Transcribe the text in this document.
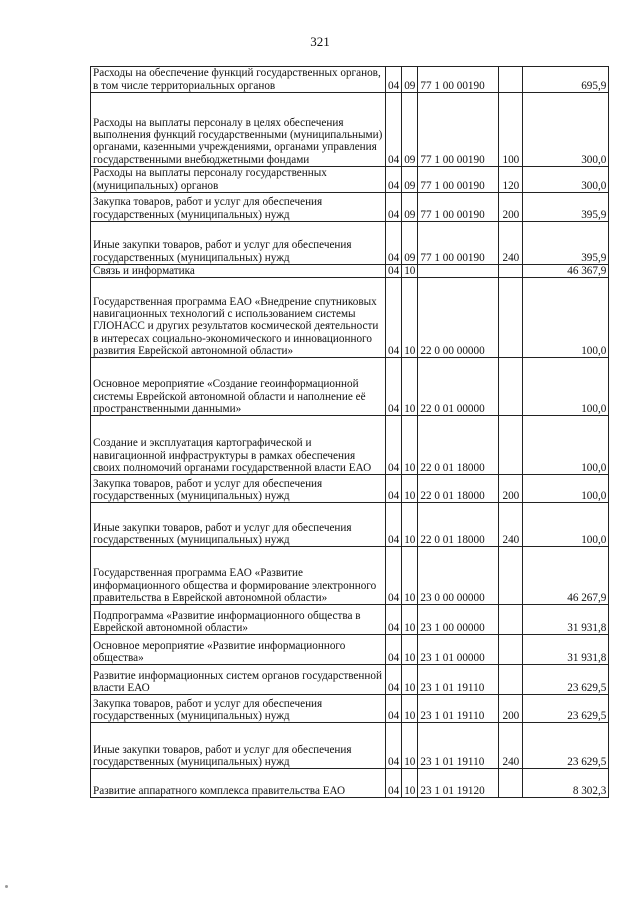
321
Расходы на обеспечение функций государственных органов, в том числе территориальных органов	04	09	77 1 00 00190		695,9
Расходы на выплаты персоналу в целях обеспечения выполнения функций государственными (муниципальными) органами, казенными учреждениями, органами управления государственными внебюджетными фондами	04	09	77 1 00 00190	100	300,0
Расходы на выплаты персоналу государственных (муниципальных) органов	04	09	77 1 00 00190	120	300,0
Закупка товаров, работ и услуг для обеспечения государственных (муниципальных) нужд	04	09	77 1 00 00190	200	395,9
Иные закупки товаров, работ и услуг для обеспечения государственных (муниципальных) нужд	04	09	77 1 00 00190	240	395,9
Связь и информатика	04	10			46 367,9
Государственная программа ЕАО «Внедрение спутниковых навигационных технологий с использованием системы ГЛОНАСС и других результатов космической деятельности в интересах социально-экономического и инновационного развития Еврейской автономной области»	04	10	22 0 00 00000		100,0
Основное мероприятие «Создание геоинформационной системы Еврейской автономной области и наполнение её пространственными данными»	04	10	22 0 01 00000		100,0
Создание и эксплуатация картографической и навигационной инфраструктуры в рамках обеспечения своих полномочий органами государственной власти ЕАО	04	10	22 0 01 18000		100,0
Закупка товаров, работ и услуг для обеспечения государственных (муниципальных) нужд	04	10	22 0 01 18000	200	100,0
Иные закупки товаров, работ и услуг для обеспечения государственных (муниципальных) нужд	04	10	22 0 01 18000	240	100,0
Государственная программа ЕАО «Развитие информационного общества и формирование электронного правительства в Еврейской автономной области»	04	10	23 0 00 00000		46 267,9
Подпрограмма «Развитие информационного общества в Еврейской автономной области»	04	10	23 1 00 00000		31 931,8
Основное мероприятие «Развитие информационного общества»	04	10	23 1 01 00000		31 931,8
Развитие информационных систем органов государственной власти ЕАО	04	10	23 1 01 19110		23 629,5
Закупка товаров, работ и услуг для обеспечения государственных (муниципальных) нужд	04	10	23 1 01 19110	200	23 629,5
Иные закупки товаров, работ и услуг для обеспечения государственных (муниципальных) нужд	04	10	23 1 01 19110	240	23 629,5
Развитие аппаратного комплекса правительства ЕАО	04	10	23 1 01 19120		8 302,3
